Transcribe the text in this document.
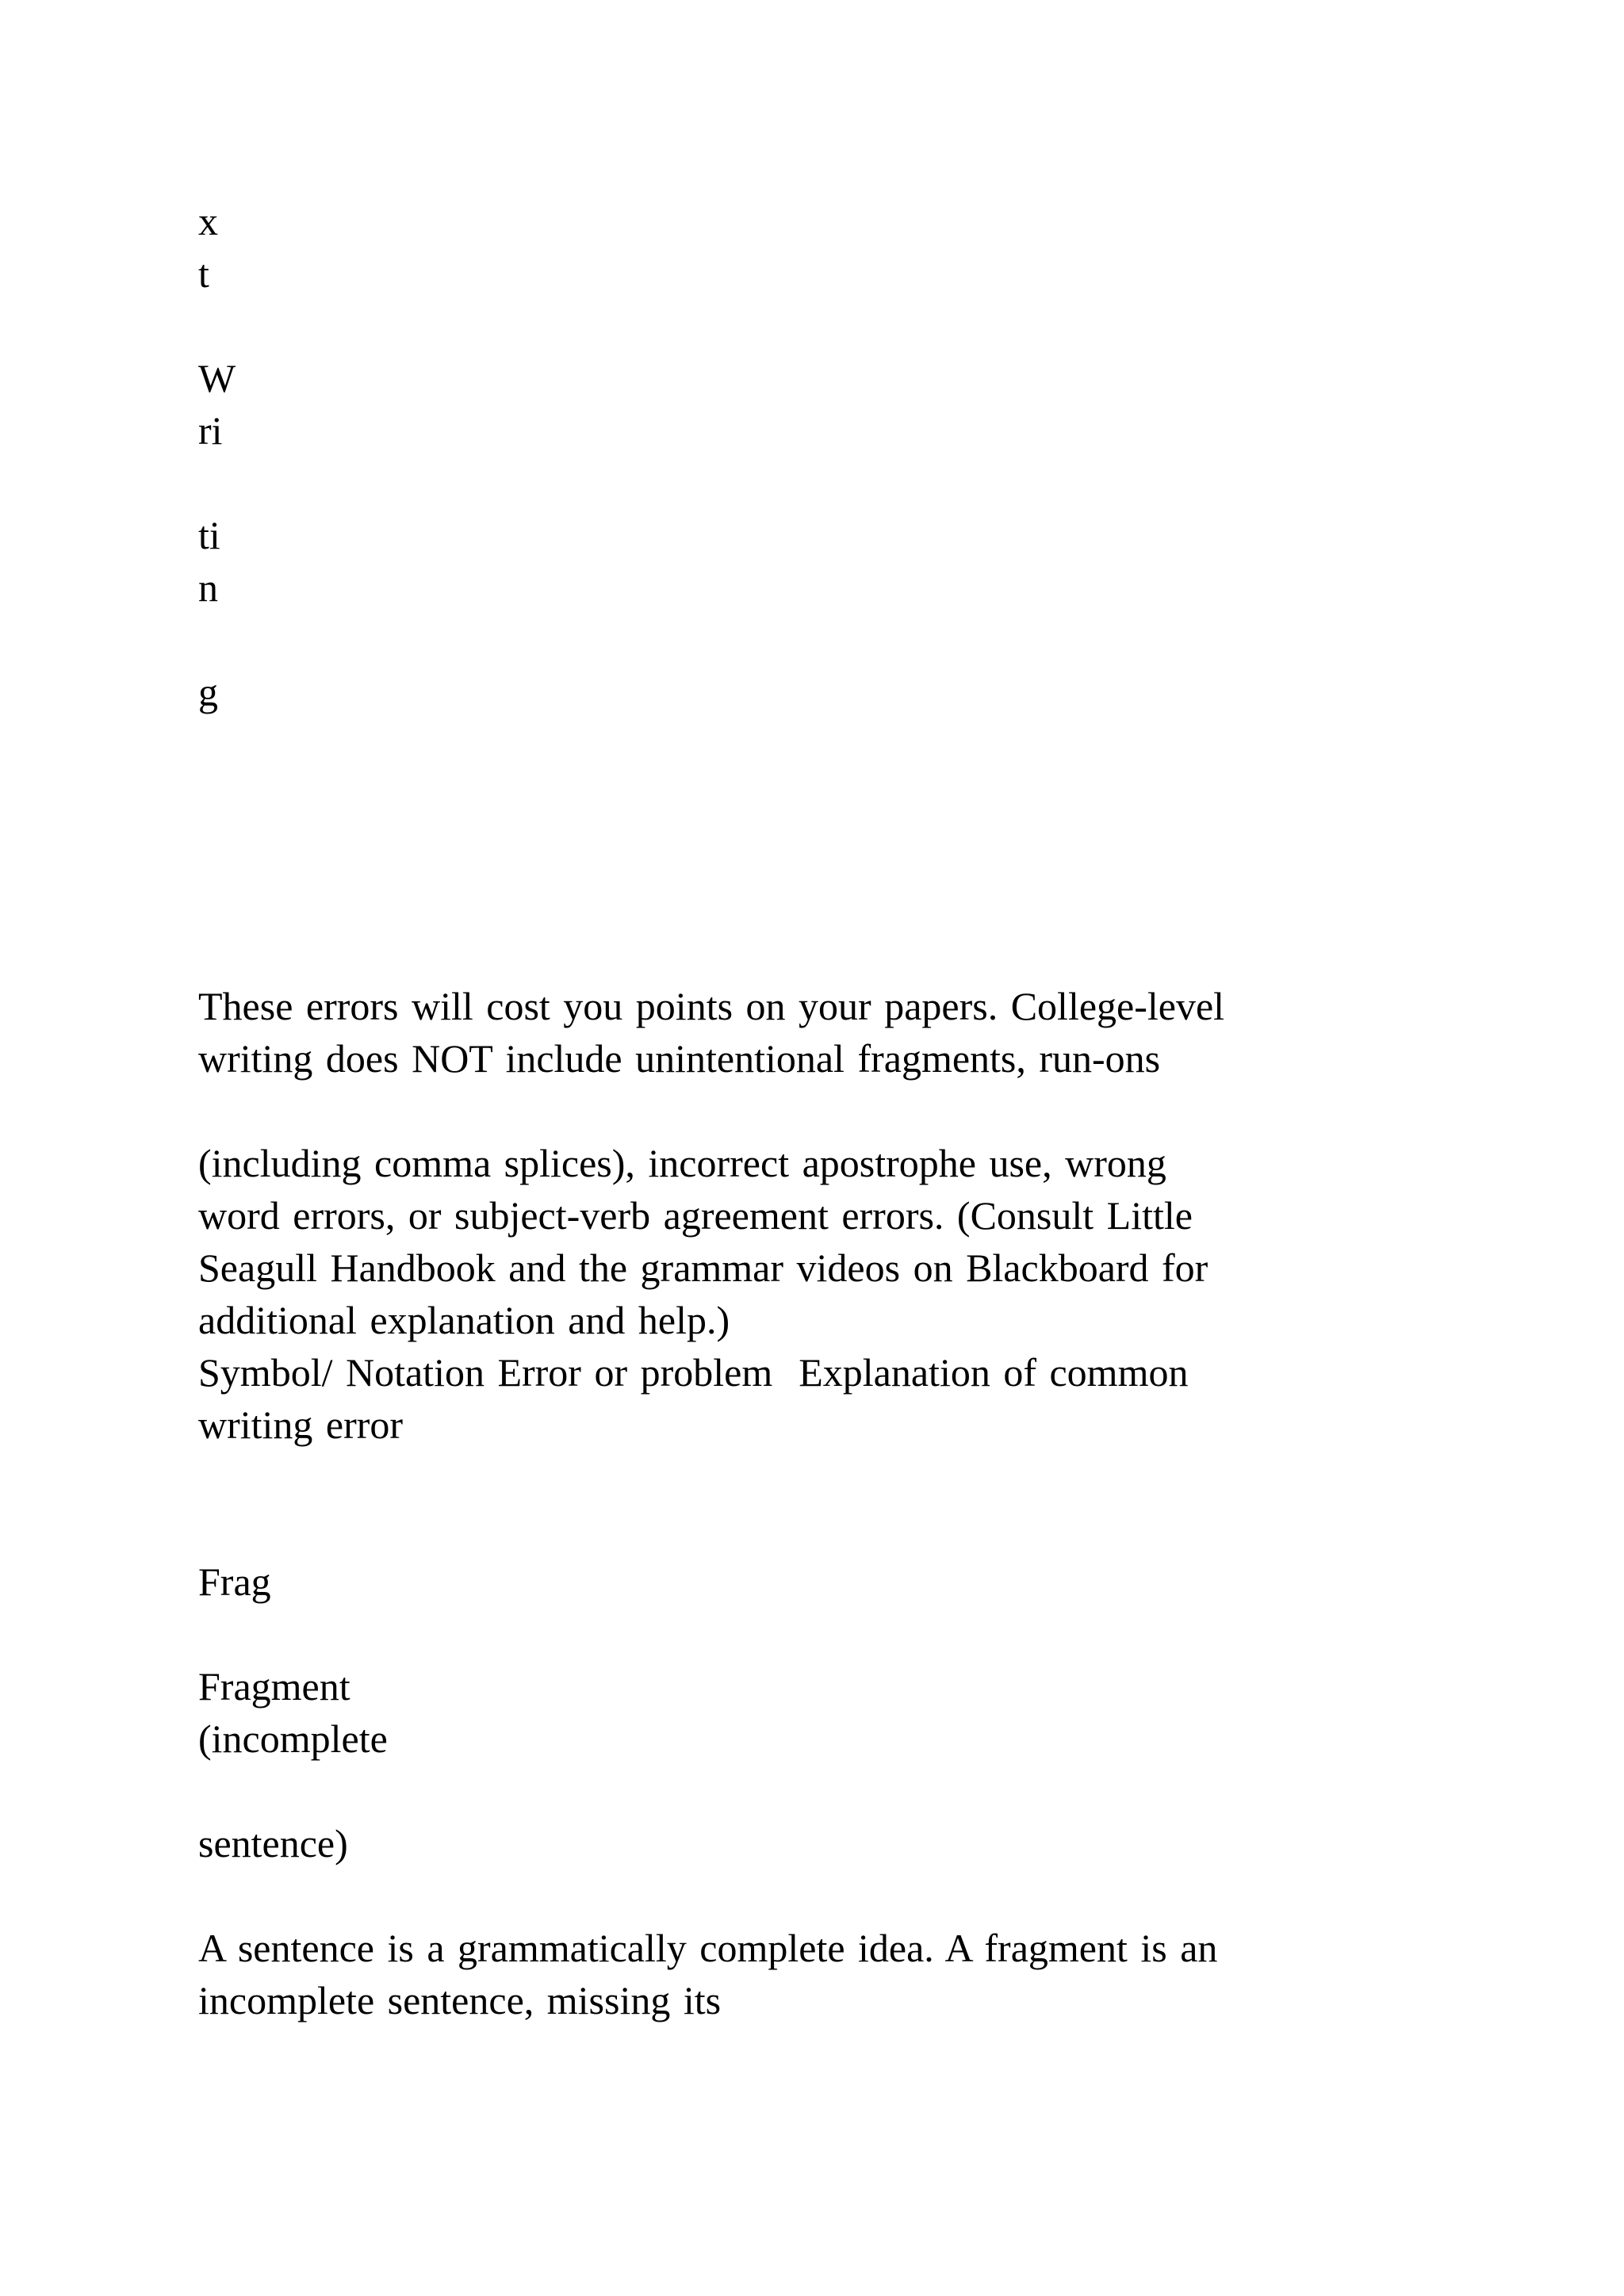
x
t
W
ri
ti
n
g
These errors will cost you points on your papers. College-level
writing does NOT include unintentional fragments, run-ons
(including comma splices), incorrect apostrophe use, wrong
word errors, or subject-verb agreement errors. (Consult Little
Seagull Handbook and the grammar videos on Blackboard for
additional explanation and help.)
Symbol/ Notation Error or problem  Explanation of common
writing error
Frag
Fragment
(incomplete
sentence)
A sentence is a grammatically complete idea. A fragment is an
incomplete sentence, missing its
